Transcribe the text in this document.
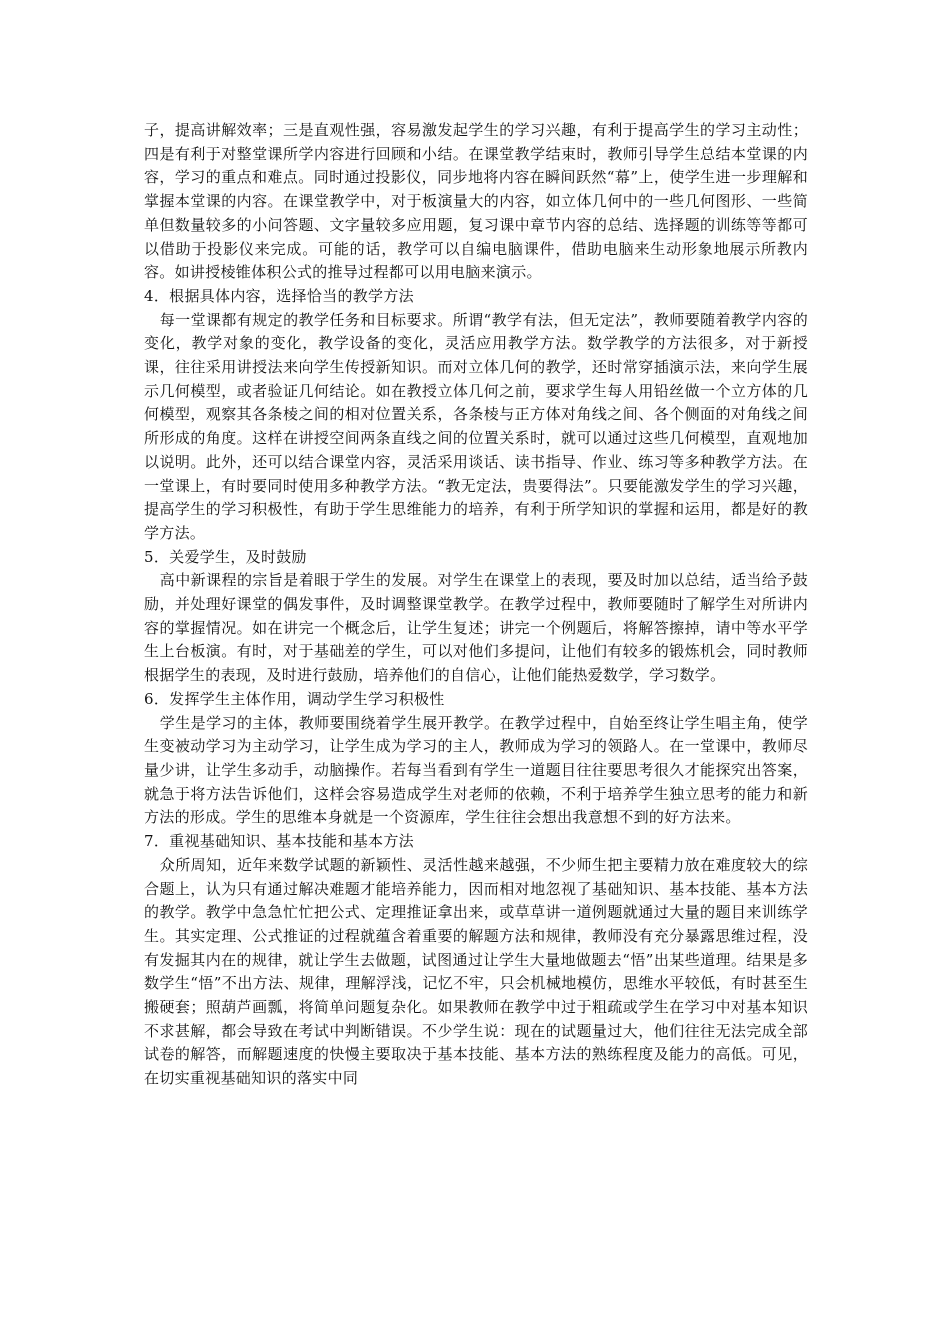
子，提高讲解效率；三是直观性强，容易激发起学生的学习兴趣，有利于提高学生的学习主动性；四是有利于对整堂课所学内容进行回顾和小结。在课堂教学结束时，教师引导学生总结本堂课的内容，学习的重点和难点。同时通过投影仪，同步地将内容在瞬间跃然“幕”上，使学生进一步理解和掌握本堂课的内容。在课堂教学中，对于板演量大的内容，如立体几何中的一些几何图形、一些简单但数量较多的小问答题、文字量较多应用题，复习课中章节内容的总结、选择题的训练等等都可以借助于投影仪来完成。可能的话，教学可以自编电脑课件，借助电脑来生动形象地展示所教内容。如讲授棱锥体积公式的推导过程都可以用电脑来演示。

4．根据具体内容，选择恰当的教学方法

每一堂课都有规定的教学任务和目标要求。所谓“教学有法，但无定法”，教师要随着教学内容的变化，教学对象的变化，教学设备的变化，灵活应用教学方法。数学教学的方法很多，对于新授课，往往采用讲授法来向学生传授新知识。而对立体几何的教学，还时常穿插演示法，来向学生展示几何模型，或者验证几何结论。如在教授立体几何之前，要求学生每人用铅丝做一个立方体的几何模型，观察其各条棱之间的相对位置关系，各条棱与正方体对角线之间、各个侧面的对角线之间所形成的角度。这样在讲授空间两条直线之间的位置关系时，就可以通过这些几何模型，直观地加以说明。此外，还可以结合课堂内容，灵活采用谈话、读书指导、作业、练习等多种教学方法。在一堂课上，有时要同时使用多种教学方法。“教无定法，贵要得法”。只要能激发学生的学习兴趣，提高学生的学习积极性，有助于学生思维能力的培养，有利于所学知识的掌握和运用，都是好的教学方法。

5．关爱学生，及时鼓励

高中新课程的宗旨是着眼于学生的发展。对学生在课堂上的表现，要及时加以总结，适当给予鼓励，并处理好课堂的偶发事件，及时调整课堂教学。在教学过程中，教师要随时了解学生对所讲内容的掌握情况。如在讲完一个概念后，让学生复述；讲完一个例题后，将解答擦掉，请中等水平学生上台板演。有时，对于基础差的学生，可以对他们多提问，让他们有较多的锻炼机会，同时教师根据学生的表现，及时进行鼓励，培养他们的自信心，让他们能热爱数学，学习数学。

6．发挥学生主体作用，调动学生学习积极性

学生是学习的主体，教师要围绕着学生展开教学。在教学过程中，自始至终让学生唱主角，使学生变被动学习为主动学习，让学生成为学习的主人，教师成为学习的领路人。在一堂课中，教师尽量少讲，让学生多动手，动脑操作。若每当看到有学生一道题目往往要思考很久才能探究出答案，就急于将方法告诉他们，这样会容易造成学生对老师的依赖，不利于培养学生独立思考的能力和新方法的形成。学生的思维本身就是一个资源库，学生往往会想出我意想不到的好方法来。

7．重视基础知识、基本技能和基本方法

众所周知，近年来数学试题的新颖性、灵活性越来越强，不少师生把主要精力放在难度较大的综合题上，认为只有通过解决难题才能培养能力，因而相对地忽视了基础知识、基本技能、基本方法的教学。教学中急急忙忙把公式、定理推证拿出来，或草草讲一道例题就通过大量的题目来训练学生。其实定理、公式推证的过程就蕴含着重要的解题方法和规律，教师没有充分暴露思维过程，没有发掘其内在的规律，就让学生去做题，试图通过让学生大量地做题去“悟”出某些道理。结果是多数学生“悟”不出方法、规律，理解浮浅，记忆不牢，只会机械地模仿，思维水平较低，有时甚至生搬硬套；照葫芦画瓢，将简单问题复杂化。如果教师在教学中过于粗疏或学生在学习中对基本知识不求甚解，都会导致在考试中判断错误。不少学生说：现在的试题量过大，他们往往无法完成全部试卷的解答，而解题速度的快慢主要取决于基本技能、基本方法的熟练程度及能力的高低。可见，在切实重视基础知识的落实中同
